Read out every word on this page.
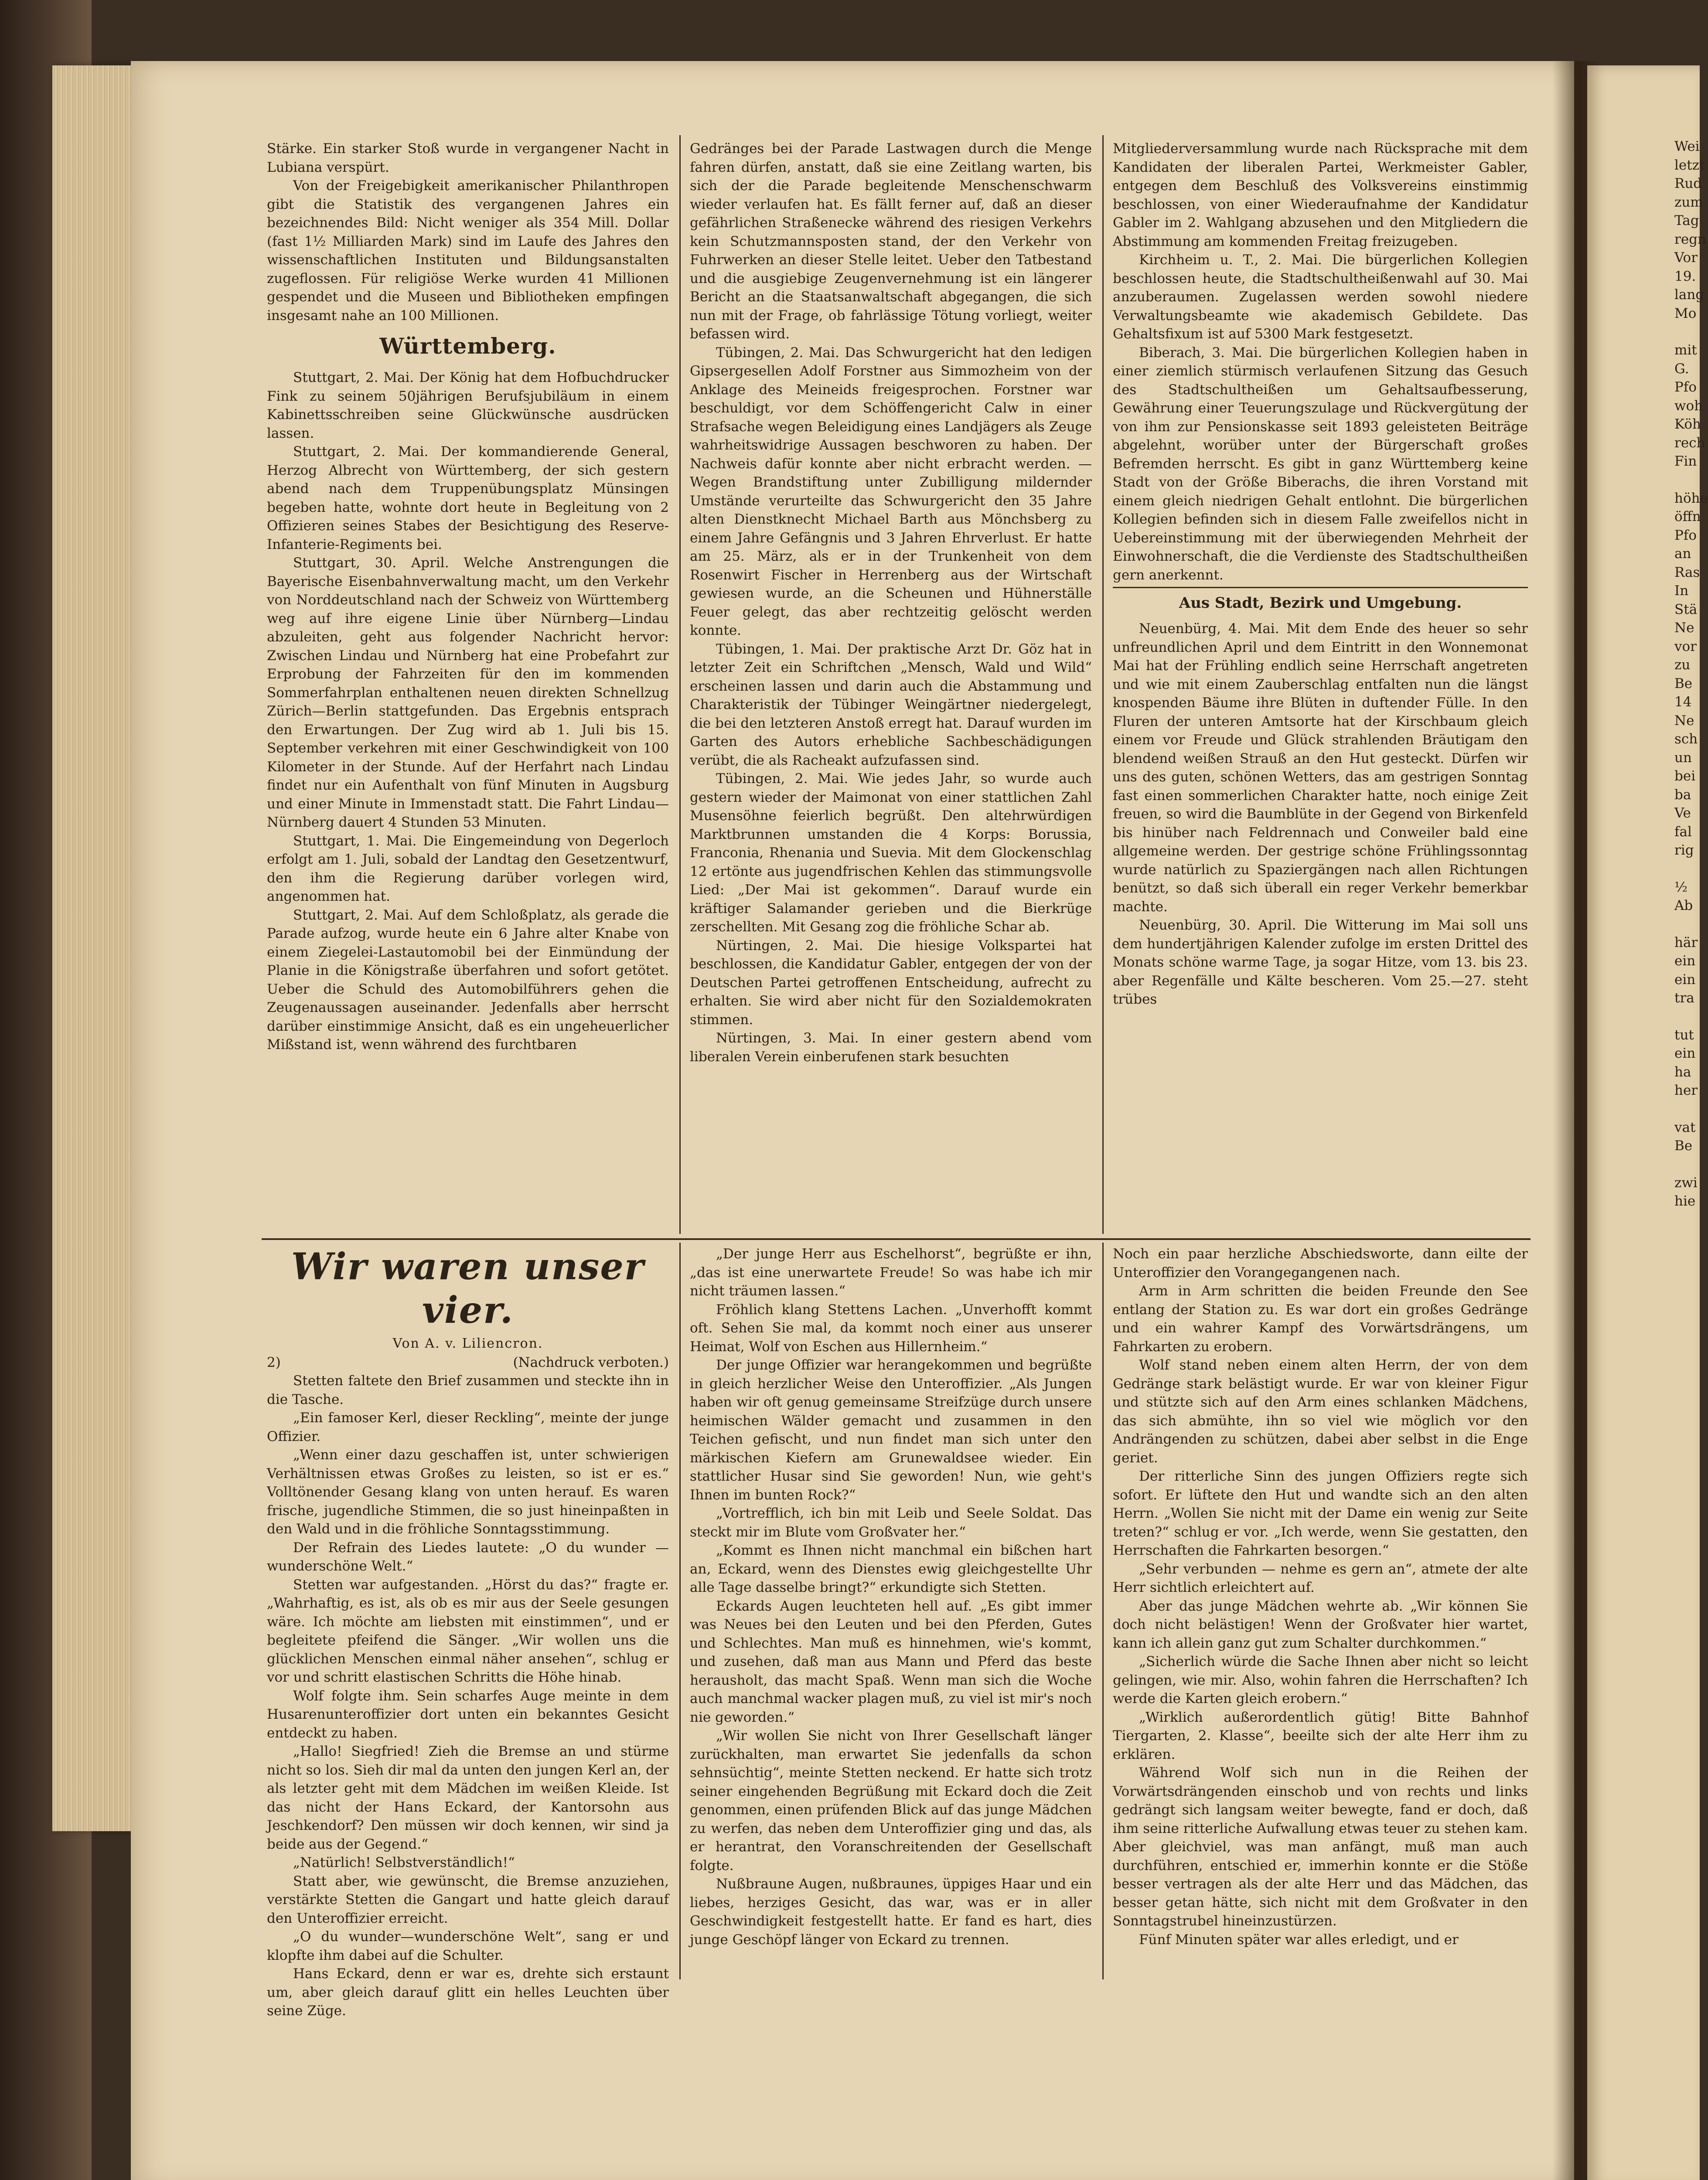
Stärke. Ein starker Stoß wurde in vergangener Nacht in Lubiana verspürt.

Von der Freigebigkeit amerikanischer Philanthropen gibt die Statistik des vergangenen Jahres ein bezeichnendes Bild: Nicht weniger als 354 Mill. Dollar (fast 1½ Milliarden Mark) sind im Laufe des Jahres den wissenschaftlichen Instituten und Bildungsanstalten zugeflossen. Für religiöse Werke wurden 41 Millionen gespendet und die Museen und Bibliotheken empfingen insgesamt nahe an 100 Millionen.

Württemberg.

Stuttgart, 2. Mai. Der König hat dem Hofbuchdrucker Fink zu seinem 50jährigen Berufsjubiläum in einem Kabinettsschreiben seine Glückwünsche ausdrücken lassen.

Stuttgart, 2. Mai. Der kommandierende General, Herzog Albrecht von Württemberg, der sich gestern abend nach dem Truppenübungsplatz Münsingen begeben hatte, wohnte dort heute in Begleitung von 2 Offizieren seines Stabes der Besichtigung des Reserve-Infanterie-Regiments bei.

Stuttgart, 30. April. Welche Anstrengungen die Bayerische Eisenbahnverwaltung macht, um den Verkehr von Norddeutschland nach der Schweiz von Württemberg weg auf ihre eigene Linie über Nürnberg—Lindau abzuleiten, geht aus folgender Nachricht hervor: Zwischen Lindau und Nürnberg hat eine Probefahrt zur Erprobung der Fahrzeiten für den im kommenden Sommerfahrplan enthaltenen neuen direkten Schnellzug Zürich—Berlin stattgefunden. Das Ergebnis entsprach den Erwartungen. Der Zug wird ab 1. Juli bis 15. September verkehren mit einer Geschwindigkeit von 100 Kilometer in der Stunde. Auf der Herfahrt nach Lindau findet nur ein Aufenthalt von fünf Minuten in Augsburg und einer Minute in Immenstadt statt. Die Fahrt Lindau—Nürnberg dauert 4 Stunden 53 Minuten.

Stuttgart, 1. Mai. Die Eingemeindung von Degerloch erfolgt am 1. Juli, sobald der Landtag den Gesetzentwurf, den ihm die Regierung darüber vorlegen wird, angenommen hat.

Stuttgart, 2. Mai. Auf dem Schloßplatz, als gerade die Parade aufzog, wurde heute ein 6 Jahre alter Knabe von einem Ziegelei-Lastautomobil bei der Einmündung der Planie in die Königstraße überfahren und sofort getötet. Ueber die Schuld des Automobilführers gehen die Zeugenaussagen auseinander. Jedenfalls aber herrscht darüber einstimmige Ansicht, daß es ein ungeheuerlicher Mißstand ist, wenn während des furchtbaren

Gedränges bei der Parade Lastwagen durch die Menge fahren dürfen, anstatt, daß sie eine Zeitlang warten, bis sich der die Parade begleitende Menschenschwarm wieder verlaufen hat. Es fällt ferner auf, daß an dieser gefährlichen Straßenecke während des riesigen Verkehrs kein Schutzmannsposten stand, der den Verkehr von Fuhrwerken an dieser Stelle leitet. Ueber den Tatbestand und die ausgiebige Zeugenvernehmung ist ein längerer Bericht an die Staatsanwaltschaft abgegangen, die sich nun mit der Frage, ob fahrlässige Tötung vorliegt, weiter befassen wird.

Tübingen, 2. Mai. Das Schwurgericht hat den ledigen Gipsergesellen Adolf Forstner aus Simmozheim von der Anklage des Meineids freigesprochen. Forstner war beschuldigt, vor dem Schöffengericht Calw in einer Strafsache wegen Beleidigung eines Landjägers als Zeuge wahrheitswidrige Aussagen beschworen zu haben. Der Nachweis dafür konnte aber nicht erbracht werden. — Wegen Brandstiftung unter Zubilligung mildernder Umstände verurteilte das Schwurgericht den 35 Jahre alten Dienstknecht Michael Barth aus Mönchsberg zu einem Jahre Gefängnis und 3 Jahren Ehrverlust. Er hatte am 25. März, als er in der Trunkenheit von dem Rosenwirt Fischer in Herrenberg aus der Wirtschaft gewiesen wurde, an die Scheunen und Hühnerställe Feuer gelegt, das aber rechtzeitig gelöscht werden konnte.

Tübingen, 1. Mai. Der praktische Arzt Dr. Göz hat in letzter Zeit ein Schriftchen „Mensch, Wald und Wild“ erscheinen lassen und darin auch die Abstammung und Charakteristik der Tübinger Weingärtner niedergelegt, die bei den letzteren Anstoß erregt hat. Darauf wurden im Garten des Autors erhebliche Sachbeschädigungen verübt, die als Racheakt aufzufassen sind.

Tübingen, 2. Mai. Wie jedes Jahr, so wurde auch gestern wieder der Maimonat von einer stattlichen Zahl Musensöhne feierlich begrüßt. Den altehrwürdigen Marktbrunnen umstanden die 4 Korps: Borussia, Franconia, Rhenania und Suevia. Mit dem Glockenschlag 12 ertönte aus jugendfrischen Kehlen das stimmungsvolle Lied: „Der Mai ist gekommen“. Darauf wurde ein kräftiger Salamander gerieben und die Bierkrüge zerschellten. Mit Gesang zog die fröhliche Schar ab.

Nürtingen, 2. Mai. Die hiesige Volkspartei hat beschlossen, die Kandidatur Gabler, entgegen der von der Deutschen Partei getroffenen Entscheidung, aufrecht zu erhalten. Sie wird aber nicht für den Sozialdemokraten stimmen.

Nürtingen, 3. Mai. In einer gestern abend vom liberalen Verein einberufenen stark besuchten

Mitgliederversammlung wurde nach Rücksprache mit dem Kandidaten der liberalen Partei, Werkmeister Gabler, entgegen dem Beschluß des Volksvereins einstimmig beschlossen, von einer Wiederaufnahme der Kandidatur Gabler im 2. Wahlgang abzusehen und den Mitgliedern die Abstimmung am kommenden Freitag freizugeben.

Kirchheim u. T., 2. Mai. Die bürgerlichen Kollegien beschlossen heute, die Stadtschultheißenwahl auf 30. Mai anzuberaumen. Zugelassen werden sowohl niedere Verwaltungsbeamte wie akademisch Gebildete. Das Gehaltsfixum ist auf 5300 Mark festgesetzt.

Biberach, 3. Mai. Die bürgerlichen Kollegien haben in einer ziemlich stürmisch verlaufenen Sitzung das Gesuch des Stadtschultheißen um Gehaltsaufbesserung, Gewährung einer Teuerungszulage und Rückvergütung der von ihm zur Pensionskasse seit 1893 geleisteten Beiträge abgelehnt, worüber unter der Bürgerschaft großes Befremden herrscht. Es gibt in ganz Württemberg keine Stadt von der Größe Biberachs, die ihren Vorstand mit einem gleich niedrigen Gehalt entlohnt. Die bürgerlichen Kollegien befinden sich in diesem Falle zweifellos nicht in Uebereinstimmung mit der überwiegenden Mehrheit der Einwohnerschaft, die die Verdienste des Stadtschultheißen gern anerkennt.

Aus Stadt, Bezirk und Umgebung.

Neuenbürg, 4. Mai. Mit dem Ende des heuer so sehr unfreundlichen April und dem Eintritt in den Wonnemonat Mai hat der Frühling endlich seine Herrschaft angetreten und wie mit einem Zauberschlag entfalten nun die längst knospenden Bäume ihre Blüten in duftender Fülle. In den Fluren der unteren Amtsorte hat der Kirschbaum gleich einem vor Freude und Glück strahlenden Bräutigam den blendend weißen Strauß an den Hut gesteckt. Dürfen wir uns des guten, schönen Wetters, das am gestrigen Sonntag fast einen sommerlichen Charakter hatte, noch einige Zeit freuen, so wird die Baumblüte in der Gegend von Birkenfeld bis hinüber nach Feldrennach und Conweiler bald eine allgemeine werden. Der gestrige schöne Frühlingssonntag wurde natürlich zu Spaziergängen nach allen Richtungen benützt, so daß sich überall ein reger Verkehr bemerkbar machte.

Neuenbürg, 30. April. Die Witterung im Mai soll uns dem hundertjährigen Kalender zufolge im ersten Drittel des Monats schöne warme Tage, ja sogar Hitze, vom 13. bis 23. aber Regenfälle und Kälte bescheren. Vom 25.—27. steht trübes

Wir waren unser vier.
Von A. v. Liliencron.
2)	(Nachdruck verboten.)

Stetten faltete den Brief zusammen und steckte ihn in die Tasche.

„Ein famoser Kerl, dieser Reckling“, meinte der junge Offizier.

„Wenn einer dazu geschaffen ist, unter schwierigen Verhältnissen etwas Großes zu leisten, so ist er es.“ Volltönender Gesang klang von unten herauf. Es waren frische, jugendliche Stimmen, die so just hineinpaßten in den Wald und in die fröhliche Sonntagsstimmung.

Der Refrain des Liedes lautete: „O du wunder — wunderschöne Welt.“

Stetten war aufgestanden. „Hörst du das?“ fragte er. „Wahrhaftig, es ist, als ob es mir aus der Seele gesungen wäre. Ich möchte am liebsten mit einstimmen“, und er begleitete pfeifend die Sänger. „Wir wollen uns die glücklichen Menschen einmal näher ansehen“, schlug er vor und schritt elastischen Schritts die Höhe hinab.

Wolf folgte ihm. Sein scharfes Auge meinte in dem Husarenunteroffizier dort unten ein bekanntes Gesicht entdeckt zu haben.

„Hallo! Siegfried! Zieh die Bremse an und stürme nicht so los. Sieh dir mal da unten den jungen Kerl an, der als letzter geht mit dem Mädchen im weißen Kleide. Ist das nicht der Hans Eckard, der Kantorsohn aus Jeschkendorf? Den müssen wir doch kennen, wir sind ja beide aus der Gegend.“

„Natürlich! Selbstverständlich!“

Statt aber, wie gewünscht, die Bremse anzuziehen, verstärkte Stetten die Gangart und hatte gleich darauf den Unteroffizier erreicht.

„O du wunder—wunderschöne Welt“, sang er und klopfte ihm dabei auf die Schulter.

Hans Eckard, denn er war es, drehte sich erstaunt um, aber gleich darauf glitt ein helles Leuchten über seine Züge.

„Der junge Herr aus Eschelhorst“, begrüßte er ihn, „das ist eine unerwartete Freude! So was habe ich mir nicht träumen lassen.“

Fröhlich klang Stettens Lachen. „Unverhofft kommt oft. Sehen Sie mal, da kommt noch einer aus unserer Heimat, Wolf von Eschen aus Hillernheim.“

Der junge Offizier war herangekommen und begrüßte in gleich herzlicher Weise den Unteroffizier. „Als Jungen haben wir oft genug gemeinsame Streifzüge durch unsere heimischen Wälder gemacht und zusammen in den Teichen gefischt, und nun findet man sich unter den märkischen Kiefern am Grunewaldsee wieder. Ein stattlicher Husar sind Sie geworden! Nun, wie geht's Ihnen im bunten Rock?“

„Vortrefflich, ich bin mit Leib und Seele Soldat. Das steckt mir im Blute vom Großvater her.“

„Kommt es Ihnen nicht manchmal ein bißchen hart an, Eckard, wenn des Dienstes ewig gleichgestellte Uhr alle Tage dasselbe bringt?“ erkundigte sich Stetten.

Eckards Augen leuchteten hell auf. „Es gibt immer was Neues bei den Leuten und bei den Pferden, Gutes und Schlechtes. Man muß es hinnehmen, wie's kommt, und zusehen, daß man aus Mann und Pferd das beste herausholt, das macht Spaß. Wenn man sich die Woche auch manchmal wacker plagen muß, zu viel ist mir's noch nie geworden.“

„Wir wollen Sie nicht von Ihrer Gesellschaft länger zurückhalten, man erwartet Sie jedenfalls da schon sehnsüchtig“, meinte Stetten neckend. Er hatte sich trotz seiner eingehenden Begrüßung mit Eckard doch die Zeit genommen, einen prüfenden Blick auf das junge Mädchen zu werfen, das neben dem Unteroffizier ging und das, als er herantrat, den Voranschreitenden der Gesellschaft folgte.

Nußbraune Augen, nußbraunes, üppiges Haar und ein liebes, herziges Gesicht, das war, was er in aller Geschwindigkeit festgestellt hatte. Er fand es hart, dies junge Geschöpf länger von Eckard zu trennen.

Noch ein paar herzliche Abschiedsworte, dann eilte der Unteroffizier den Vorangegangenen nach.

Arm in Arm schritten die beiden Freunde den See entlang der Station zu. Es war dort ein großes Gedränge und ein wahrer Kampf des Vorwärtsdrängens, um Fahrkarten zu erobern.

Wolf stand neben einem alten Herrn, der von dem Gedränge stark belästigt wurde. Er war von kleiner Figur und stützte sich auf den Arm eines schlanken Mädchens, das sich abmühte, ihn so viel wie möglich vor den Andrängenden zu schützen, dabei aber selbst in die Enge geriet.

Der ritterliche Sinn des jungen Offiziers regte sich sofort. Er lüftete den Hut und wandte sich an den alten Herrn. „Wollen Sie nicht mit der Dame ein wenig zur Seite treten?“ schlug er vor. „Ich werde, wenn Sie gestatten, den Herrschaften die Fahrkarten besorgen.“

„Sehr verbunden — nehme es gern an“, atmete der alte Herr sichtlich erleichtert auf.

Aber das junge Mädchen wehrte ab. „Wir können Sie doch nicht belästigen! Wenn der Großvater hier wartet, kann ich allein ganz gut zum Schalter durchkommen.“

„Sicherlich würde die Sache Ihnen aber nicht so leicht gelingen, wie mir. Also, wohin fahren die Herrschaften? Ich werde die Karten gleich erobern.“

„Wirklich außerordentlich gütig! Bitte Bahnhof Tiergarten, 2. Klasse“, beeilte sich der alte Herr ihm zu erklären.

Während Wolf sich nun in die Reihen der Vorwärtsdrängenden einschob und von rechts und links gedrängt sich langsam weiter bewegte, fand er doch, daß ihm seine ritterliche Aufwallung etwas teuer zu stehen kam. Aber gleichviel, was man anfängt, muß man auch durchführen, entschied er, immerhin konnte er die Stöße besser vertragen als der alte Herr und das Mädchen, das besser getan hätte, sich nicht mit dem Großvater in den Sonntagstrubel hineinzustürzen.

Fünf Minuten später war alles erledigt, und er

Wei

letzt

Rud

zum

Tag

regn

Vor

19.

lang

Mo

mit

G.

Pfo

woh

Köh

rech

Fin

höhe

öffn

Pfo

an

Ras

In

Stä

Ne

vor

zu

Be

14

Ne

sch

un

bei

ba

Ve

fal

rig

½

Ab

här

ein

ein

tra

tut

ein

ha

her

vat

Be

zwi

hie
